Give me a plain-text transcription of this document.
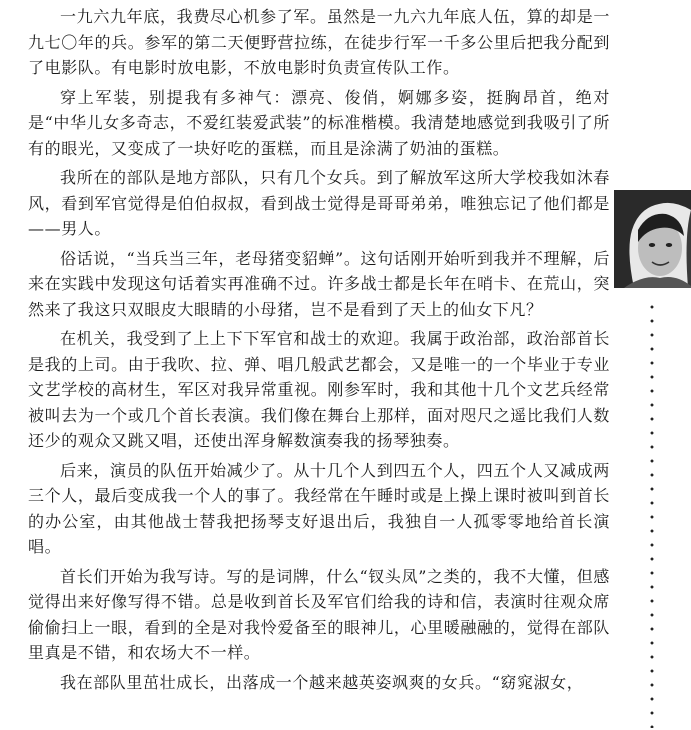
一九六九年底，我费尽心机参了军。虽然是一九六九年底人伍，算的却是一九七〇年的兵。参军的第二天便野营拉练，在徒步行军一千多公里后把我分配到了电影队。有电影时放电影，不放电影时负责宣传队工作。

穿上军装，别提我有多神气：漂亮、俊俏，婀娜多姿，挺胸昂首，绝对是“中华儿女多奇志，不爱红装爱武装”的标准楷模。我清楚地感觉到我吸引了所有的眼光，又变成了一块好吃的蛋糕，而且是涂满了奶油的蛋糕。

我所在的部队是地方部队，只有几个女兵。到了解放军这所大学校我如沐春风，看到军官觉得是伯伯叔叔，看到战士觉得是哥哥弟弟，唯独忘记了他们都是——男人。

俗话说，“当兵当三年，老母猪变貂蝉”。这句话刚开始听到我并不理解，后来在实践中发现这句话着实再准确不过。许多战士都是长年在哨卡、在荒山，突然来了我这只双眼皮大眼睛的小母猪，岂不是看到了天上的仙女下凡？

在机关，我受到了上上下下军官和战士的欢迎。我属于政治部，政治部首长是我的上司。由于我吹、拉、弹、唱几般武艺都会，又是唯一的一个毕业于专业文艺学校的高材生，军区对我异常重视。刚参军时，我和其他十几个文艺兵经常被叫去为一个或几个首长表演。我们像在舞台上那样，面对咫尺之遥比我们人数还少的观众又跳又唱，还使出浑身解数演奏我的扬琴独奏。

后来，演员的队伍开始减少了。从十几个人到四五个人，四五个人又减成两三个人，最后变成我一个人的事了。我经常在午睡时或是上操上课时被叫到首长的办公室，由其他战士替我把扬琴支好退出后，我独自一人孤零零地给首长演唱。

首长们开始为我写诗。写的是词牌，什么“钗头凤”之类的，我不大懂，但感觉得出来好像写得不错。总是收到首长及军官们给我的诗和信，表演时往观众席偷偷扫上一眼，看到的全是对我怜爱备至的眼神儿，心里暖融融的，觉得在部队里真是不错，和农场大不一样。

我在部队里茁壮成长，出落成一个越来越英姿飒爽的女兵。“窈窕淑女，
